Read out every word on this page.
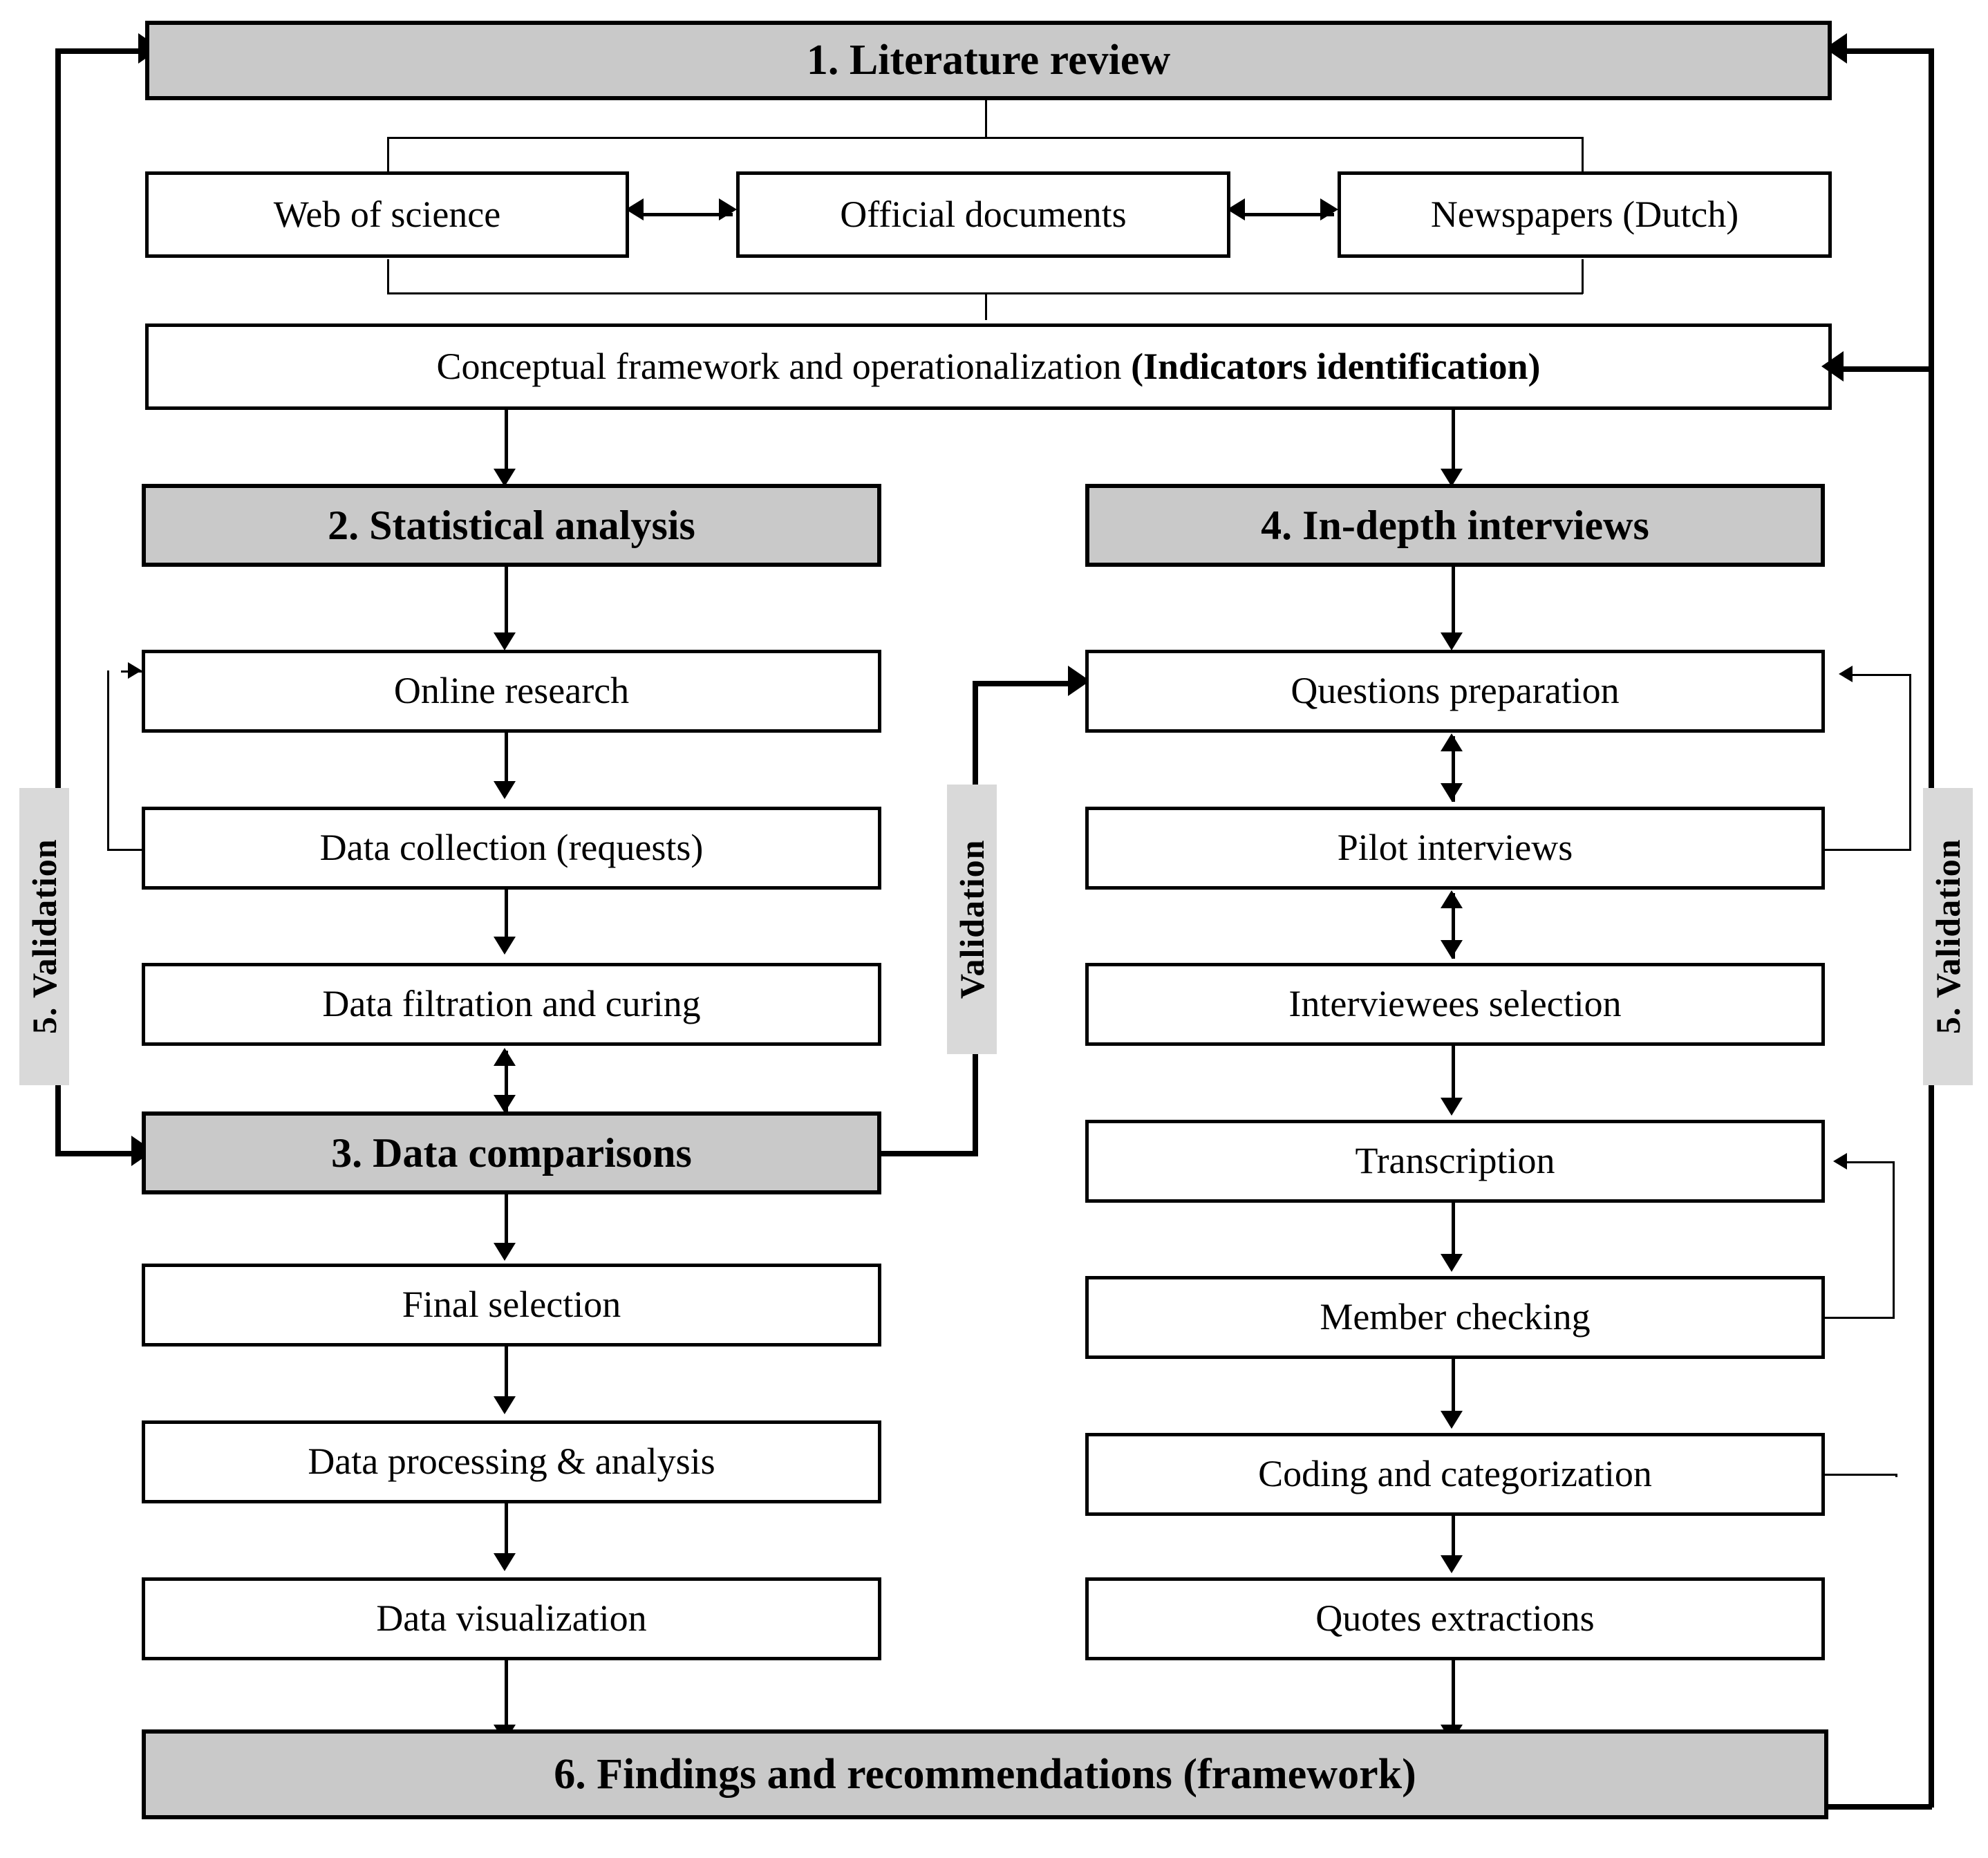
1. Literature review
Web of science	Official documents	Newspapers (Dutch)
Conceptual framework and operationalization (Indicators identification)
2. Statistical analysis	4. In-depth interviews
Online research
Data collection (requests)
Data filtration and curing
3. Data comparisons
Final selection
Data processing & analysis
Data visualization
Questions preparation
Pilot interviews
Interviewees selection
Transcription
Member checking
Coding and categorization
Quotes extractions
6. Findings and recommendations (framework)
5. Validation	Validation	5. Validation
